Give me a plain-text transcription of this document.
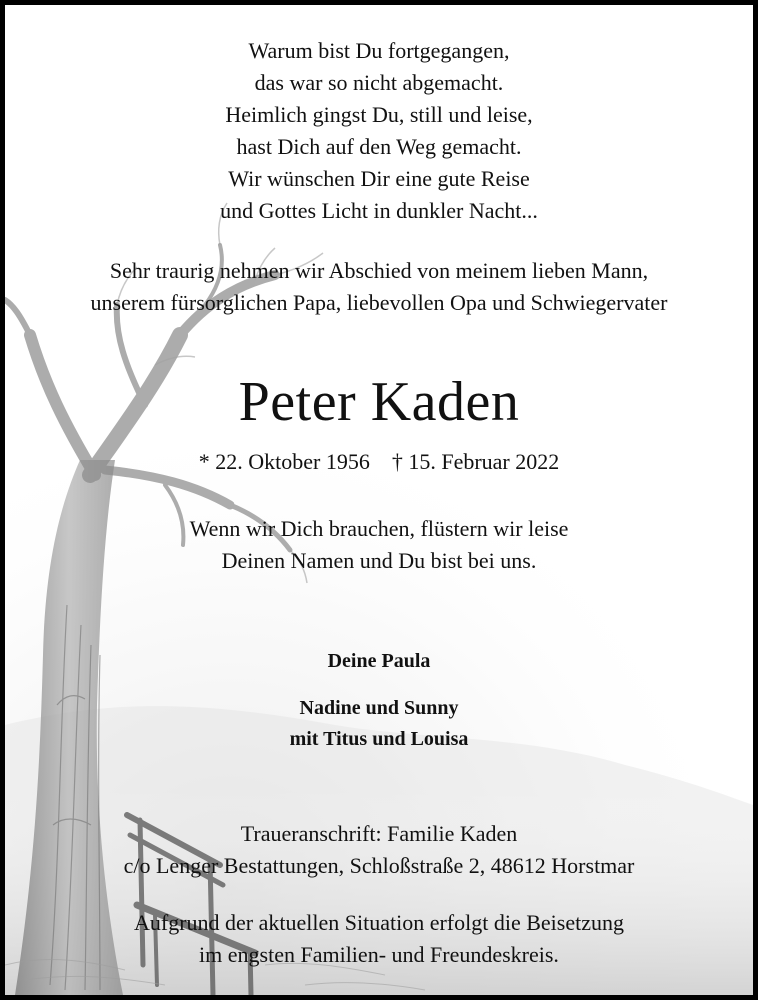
Warum bist Du fortgegangen,
das war so nicht abgemacht.
Heimlich gingst Du, still und leise,
hast Dich auf den Weg gemacht.
Wir wünschen Dir eine gute Reise
und Gottes Licht in dunkler Nacht...
Sehr traurig nehmen wir Abschied von meinem lieben Mann,
unserem fürsorglichen Papa, liebevollen Opa und Schwiegervater
Peter Kaden
* 22. Oktober 1956 † 15. Februar 2022
Wenn wir Dich brauchen, flüstern wir leise
Deinen Namen und Du bist bei uns.
Deine Paula
Nadine und Sunny
mit Titus und Louisa
Traueranschrift: Familie Kaden
c/o Lenger Bestattungen, Schloßstraße 2, 48612 Horstmar
Aufgrund der aktuellen Situation erfolgt die Beisetzung
im engsten Familien- und Freundeskreis.
